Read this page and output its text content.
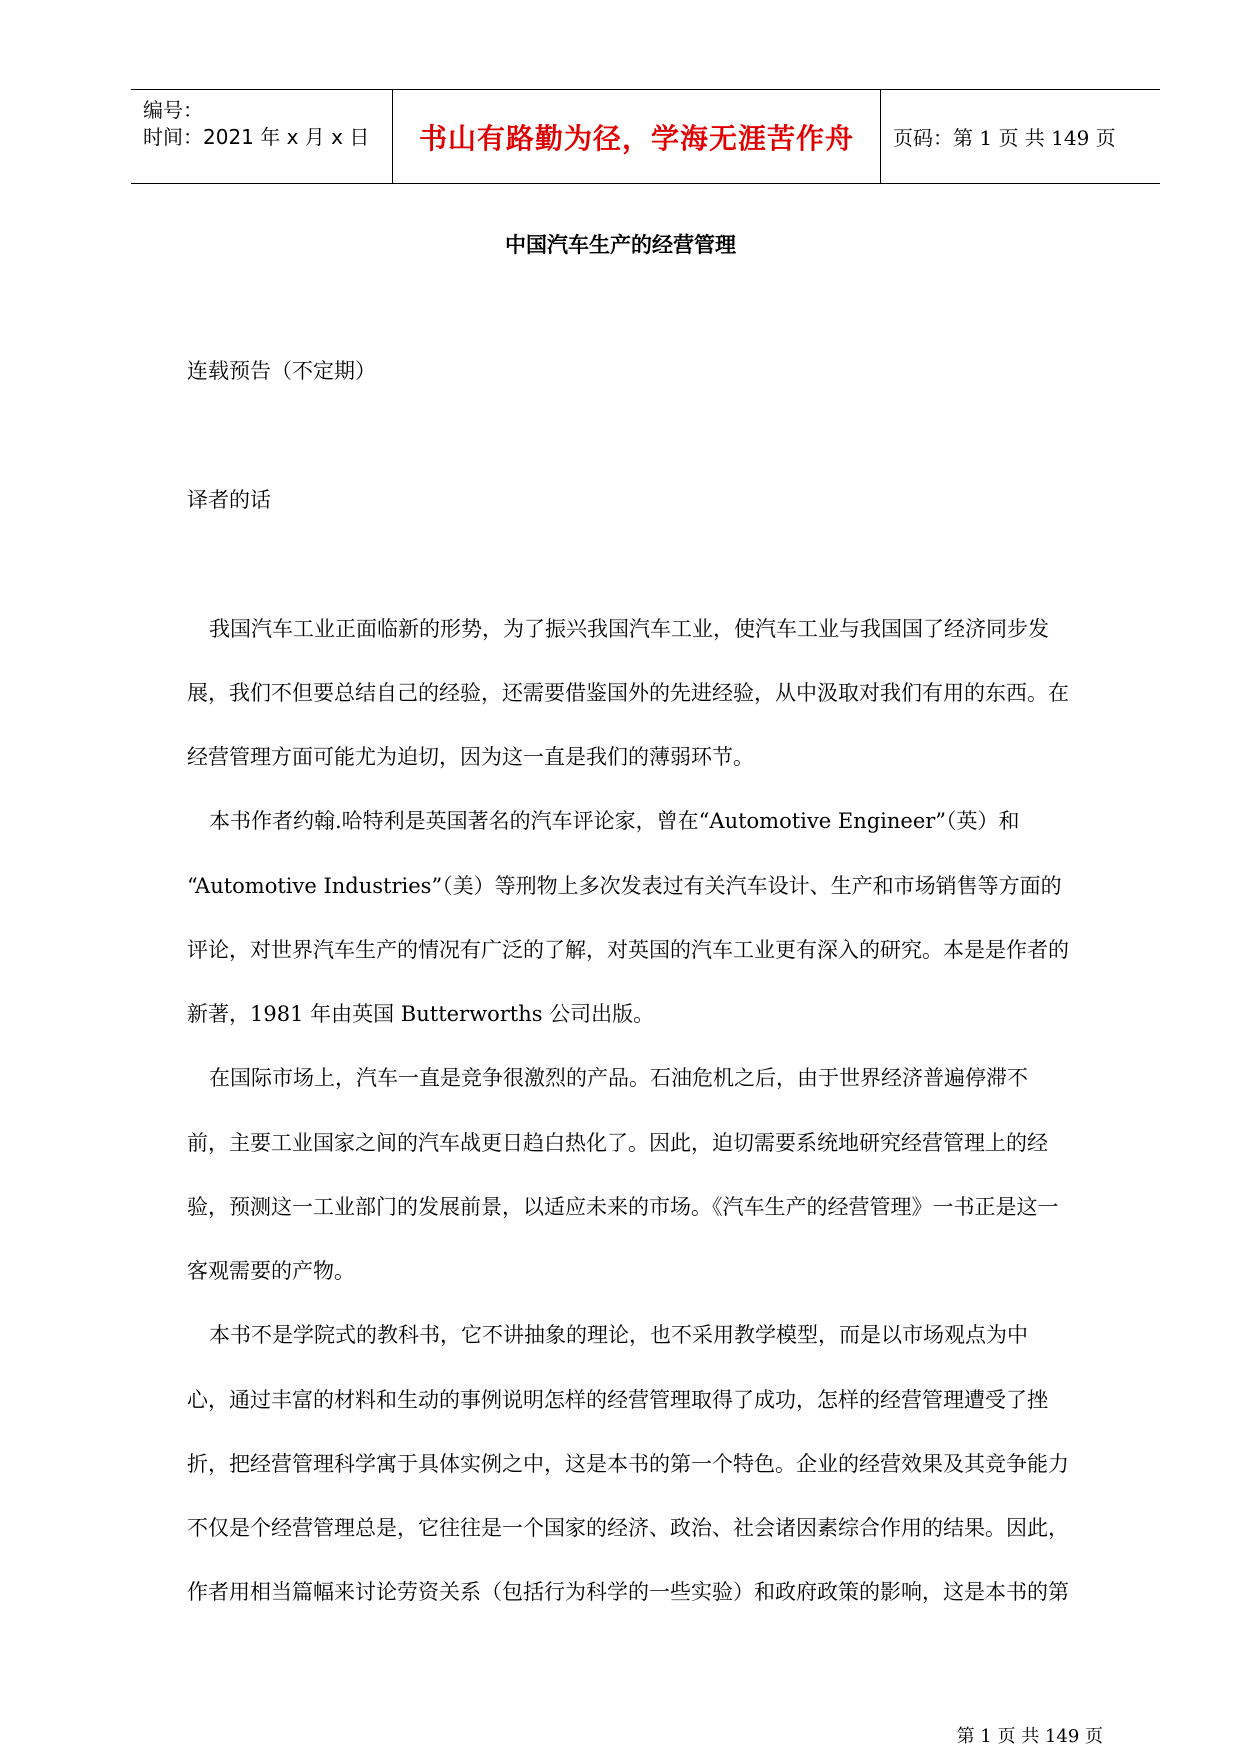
编号：
时间：2021 年 x 月 x 日 书山有路勤为径，学海无涯苦作舟 页码：第 1 页 共 149 页
中国汽车生产的经营管理
连载预告（不定期）
译者的话
我国汽车工业正面临新的形势，为了振兴我国汽车工业，使汽车工业与我国国了经济同步发
展，我们不但要总结自己的经验，还需要借鉴国外的先进经验，从中汲取对我们有用的东西。在
经营管理方面可能尤为迫切，因为这一直是我们的薄弱环节。
本书作者约翰.哈特利是英国著名的汽车评论家，曾在“Automotive Engineer”（英）和
“Automotive Industries”（美）等刑物上多次发表过有关汽车设计、生产和市场销售等方面的
评论，对世界汽车生产的情况有广泛的了解，对英国的汽车工业更有深入的研究。本是是作者的
新著，1981 年由英国 Butterworths 公司出版。
在国际市场上，汽车一直是竞争很激烈的产品。石油危机之后，由于世界经济普遍停滞不
前，主要工业国家之间的汽车战更日趋白热化了。因此，迫切需要系统地研究经营管理上的经
验，预测这一工业部门的发展前景，以适应未来的市场。《汽车生产的经营管理》一书正是这一
客观需要的产物。
本书不是学院式的教科书，它不讲抽象的理论，也不采用教学模型，而是以市场观点为中
心，通过丰富的材料和生动的事例说明怎样的经营管理取得了成功，怎样的经营管理遭受了挫
折，把经营管理科学寓于具体实例之中，这是本书的第一个特色。企业的经营效果及其竞争能力
不仅是个经营管理总是，它往往是一个国家的经济、政治、社会诸因素综合作用的结果。因此，
作者用相当篇幅来讨论劳资关系（包括行为科学的一些实验）和政府政策的影响，这是本书的第
第 1 页 共 149 页
